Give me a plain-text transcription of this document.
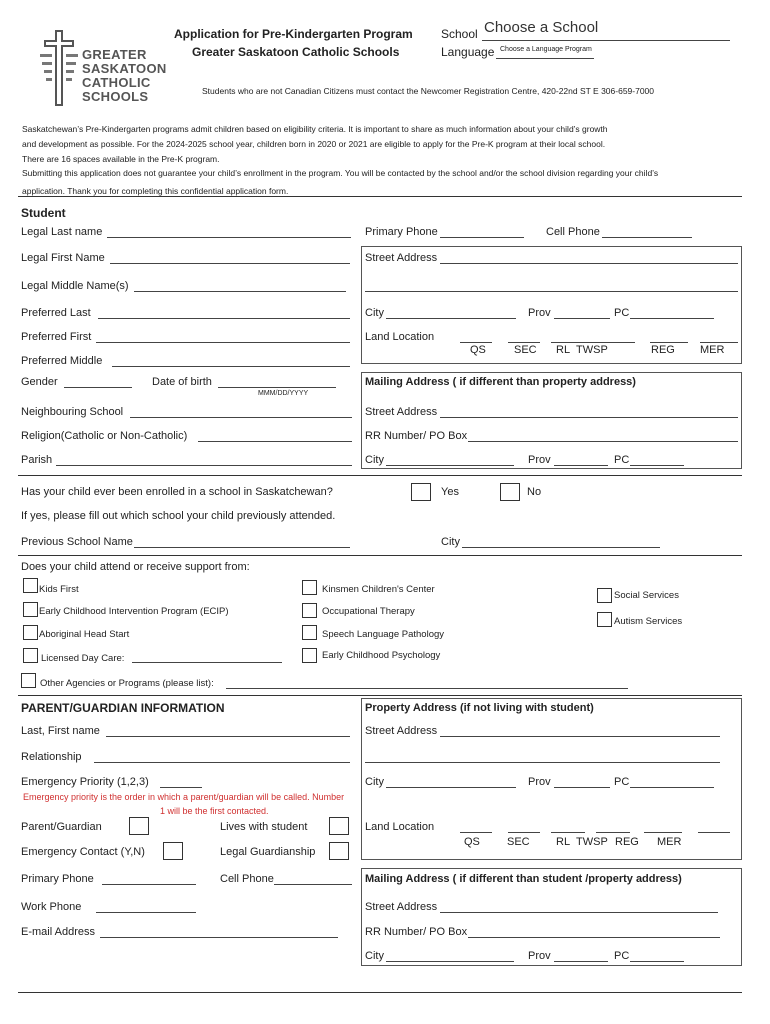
GREATER
SASKATOON
CATHOLIC
SCHOOLS
Application for Pre-Kindergarten Program
Greater Saskatoon Catholic Schools
School Choose a School
Language Choose a Language Program
Students who are not Canadian Citizens must contact the Newcomer Registration Centre, 420-22nd ST E 306-659-7000
Saskatchewan’s Pre-Kindergarten programs admit children based on eligibility criteria. It is important to share as much information about your child’s growth
and development as possible. For the 2024-2025 school year, children born in 2020 or 2021 are eligible to apply for the Pre-K program at their local school.
There are 16 spaces available in the Pre-K program.
Submitting this application does not guarantee your child’s enrollment in the program. You will be contacted by the school and/or the school division regarding your child’s
application. Thank you for completing this confidential application form.
Student
Legal Last name
Legal First Name
Legal Middle Name(s)
Preferred Last
Preferred First
Preferred Middle
Gender	Date of birth
MMM/DD/YYYY
Neighbouring School
Religion(Catholic or Non-Catholic)
Parish
Primary Phone	Cell Phone
Street Address
City	Prov	PC
Land Location
QS	SEC RL TWSP	REG MER
Mailing Address ( if different than property address)
Street Address
RR Number/ PO Box
City	Prov	PC
Has your child ever been enrolled in a school in Saskatchewan?	Yes	No
If yes, please fill out which school your child previously attended.
Previous School Name	City
Does your child attend or receive support from:
Kids First
Early Childhood Intervention Program (ECIP)
Aboriginal Head Start
Licensed Day Care:
Kinsmen Children's Center
Occupational Therapy
Speech Language Pathology
Early Childhood Psychology
Social Services
Autism Services
Other Agencies or Programs (please list):
PARENT/GUARDIAN INFORMATION
Last, First name
Relationship
Emergency Priority (1,2,3)
Emergency priority is the order in which a parent/guardian will be called. Number
1 will be the first contacted.
Parent/Guardian	Lives with student
Emergency Contact (Y,N)	Legal Guardianship
Primary Phone	Cell Phone
Work Phone
E-mail Address
Property Address (if not living with student)
Street Address
City	Prov	PC
Land Location
QS SEC RL TWSP REG MER
Mailing Address ( if different than student /property address)
Street Address
RR Number/ PO Box
City	Prov	PC
